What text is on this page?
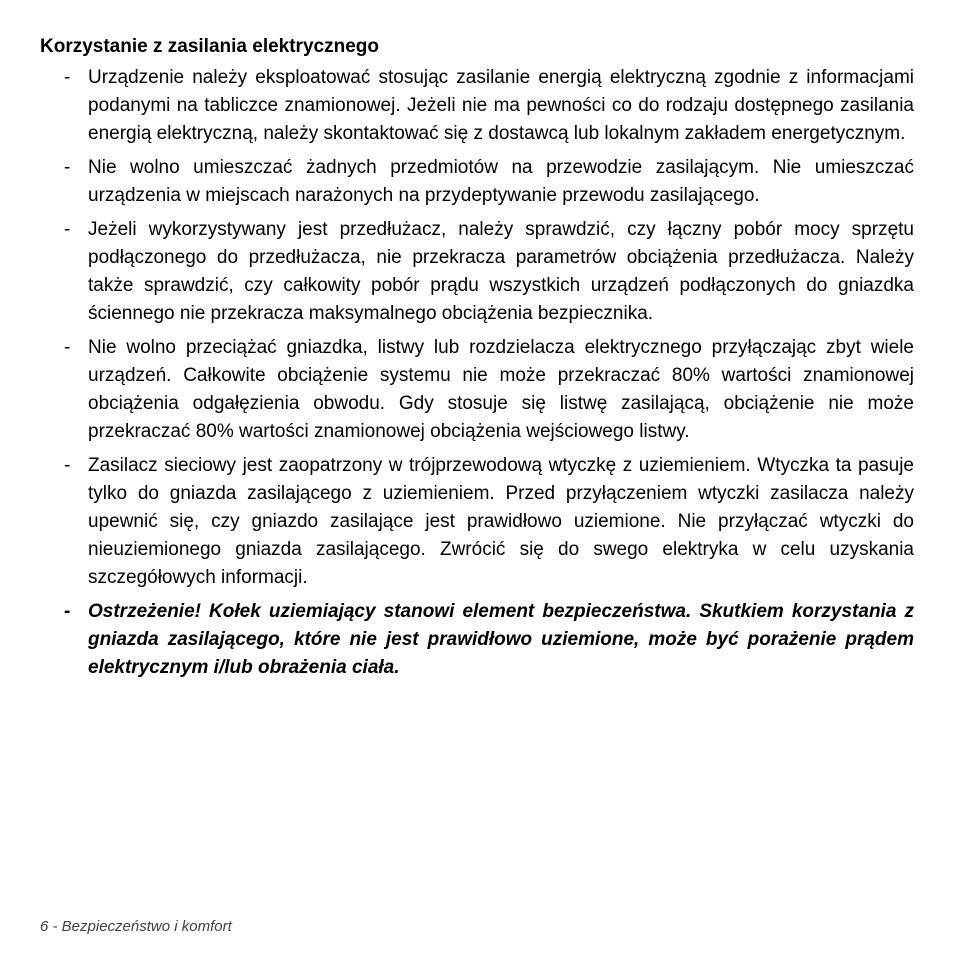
Korzystanie z zasilania elektrycznego
- Urządzenie należy eksploatować stosując zasilanie energią elektryczną zgodnie z informacjami podanymi na tabliczce znamionowej. Jeżeli nie ma pewności co do rodzaju dostępnego zasilania energią elektryczną, należy skontaktować się z dostawcą lub lokalnym zakładem energetycznym.
- Nie wolno umieszczać żadnych przedmiotów na przewodzie zasilającym. Nie umieszczać urządzenia w miejscach narażonych na przydeptywanie przewodu zasilającego.
- Jeżeli wykorzystywany jest przedłużacz, należy sprawdzić, czy łączny pobór mocy sprzętu podłączonego do przedłużacza, nie przekracza parametrów obciążenia przedłużacza. Należy także sprawdzić, czy całkowity pobór prądu wszystkich urządzeń podłączonych do gniazdka ściennego nie przekracza maksymalnego obciążenia bezpiecznika.
- Nie wolno przeciążać gniazdka, listwy lub rozdzielacza elektrycznego przyłączając zbyt wiele urządzeń. Całkowite obciążenie systemu nie może przekraczać 80% wartości znamionowej obciążenia odgałęzienia obwodu. Gdy stosuje się listwę zasilającą, obciążenie nie może przekraczać 80% wartości znamionowej obciążenia wejściowego listwy.
- Zasilacz sieciowy jest zaopatrzony w trójprzewodową wtyczkę z uziemieniem. Wtyczka ta pasuje tylko do gniazda zasilającego z uziemieniem. Przed przyłączeniem wtyczki zasilacza należy upewnić się, czy gniazdo zasilające jest prawidłowo uziemione. Nie przyłączać wtyczki do nieuziemionego gniazda zasilającego. Zwrócić się do swego elektryka w celu uzyskania szczegółowych informacji.
- Ostrzeżenie! Kołek uziemiający stanowi element bezpieczeństwa. Skutkiem korzystania z gniazda zasilającego, które nie jest prawidłowo uziemione, może być porażenie prądem elektrycznym i/lub obrażenia ciała.
6 - Bezpieczeństwo i komfort
